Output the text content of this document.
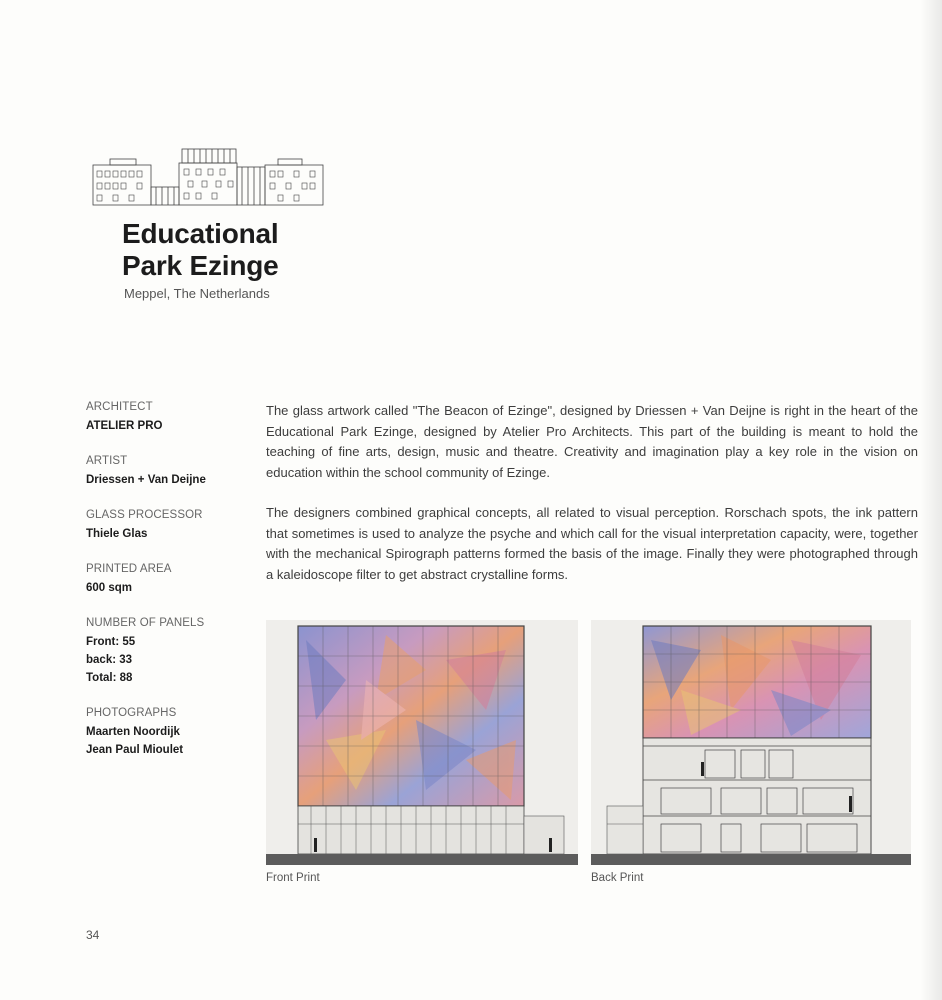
Educational
Park Ezinge
Meppel, The Netherlands
ARCHITECT
ATELIER PRO
ARTIST
Driessen + Van Deijne
GLASS PROCESSOR
Thiele Glas
PRINTED AREA
600 sqm
NUMBER OF PANELS
Front: 55
back: 33
Total: 88
PHOTOGRAPHS
Maarten Noordijk
Jean Paul Mioulet

The glass artwork called "The Beacon of Ezinge", designed by Driessen + Van Deijne is right in the heart of the Educational Park Ezinge, designed by Atelier Pro Architects. This part of the building is meant to hold the teaching of fine arts, design, music and theatre. Creativity and imagination play a key role in the vision on education within the school community of Ezinge.

The designers combined graphical concepts, all related to visual perception. Rorschach spots, the ink pattern that sometimes is used to analyze the psyche and which call for the visual interpretation capacity, were, together with the mechanical Spirograph patterns formed the basis of the image. Finally they were photographed through a kaleidoscope filter to get abstract crystalline forms.

Front Print	Back Print
34
